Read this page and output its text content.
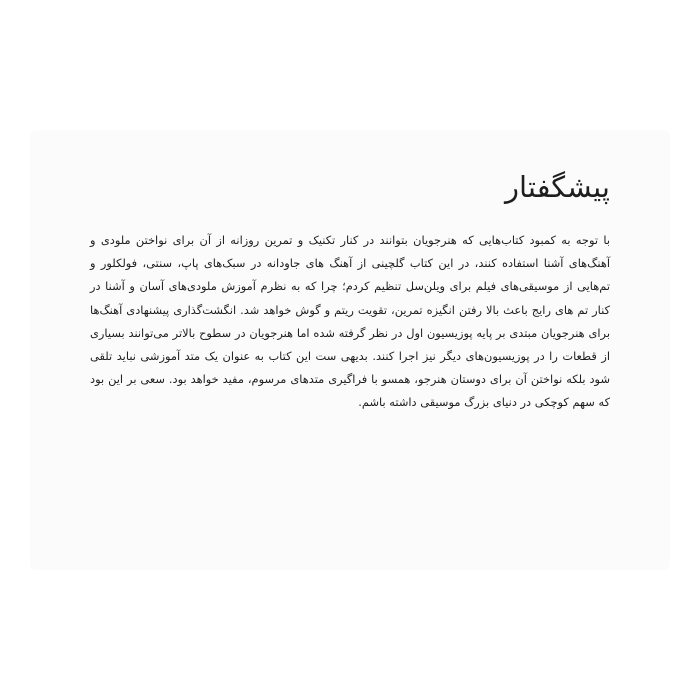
پیشگفتار

با توجه به کمبود کتاب‌هایی که هنرجویان بتوانند در کنار تکنیک و تمرین روزانه از آن برای نواختن ملودی و آهنگ‌های آشنا استفاده کنند، در این کتاب گلچینی از آهنگ های جاودانه در سبک‌های پاپ، سنتی، فولکلور و تم‌هایی از موسیقی‌های فیلم برای ویلن‌سل تنظیم کردم؛ چرا که به نظرم آموزش ملودی‌های آسان و آشنا در کنار تم های رایج باعث بالا رفتن انگیزه تمرین، تقویت ریتم و گوش خواهد شد. انگشت‌گذاری پیشنهادی آهنگ‌ها برای هنرجویان مبتدی بر پایه پوزیسیون اول در نظر گرفته شده اما هنرجویان در سطوح بالاتر می‌توانند بسیاری از قطعات را در پوزیسیون‌های دیگر نیز اجرا کنند. بدیهی ست این کتاب به عنوان یک متد آموزشی نباید تلقی شود بلکه نواختن آن برای دوستان هنرجو، همسو با فراگیری متدهای مرسوم، مفید خواهد بود. سعی بر این بود که سهم کوچکی در دنیای بزرگ موسیقی داشته باشم.
